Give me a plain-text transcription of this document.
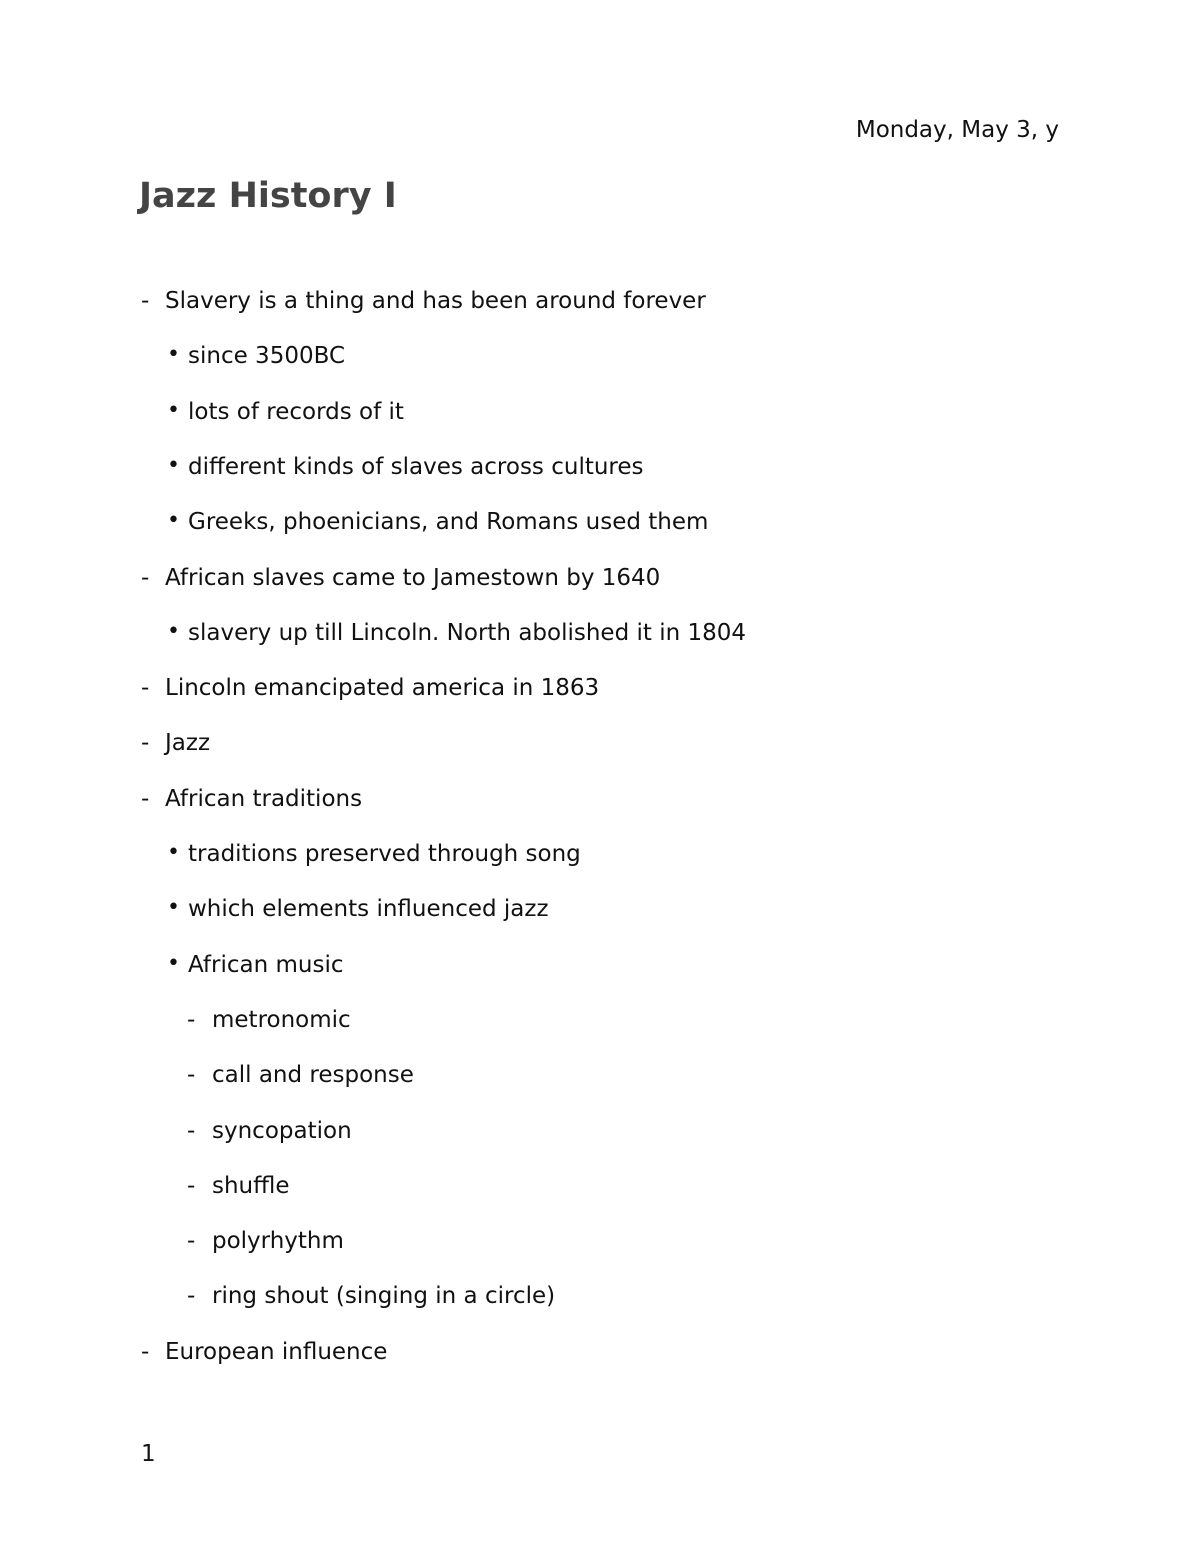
Monday, May 3, y
Jazz History I
- Slavery is a thing and has been around forever
• since 3500BC
• lots of records of it
• different kinds of slaves across cultures
• Greeks, phoenicians, and Romans used them
- African slaves came to Jamestown by 1640
• slavery up till Lincoln. North abolished it in 1804
- Lincoln emancipated america in 1863
- Jazz
- African traditions
• traditions preserved through song
• which elements influenced jazz
• African music
- metronomic
- call and response
- syncopation
- shuffle
- polyrhythm
- ring shout (singing in a circle)
- European influence
1
